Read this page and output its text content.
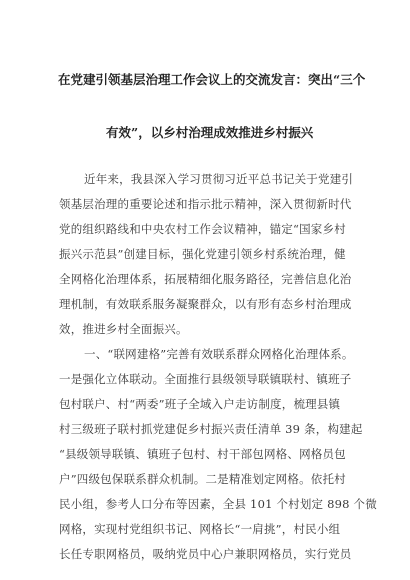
在党建引领基层治理工作会议上的交流发言：突出“三个

有效”，以乡村治理成效推进乡村振兴

近年来，我县深入学习贯彻习近平总书记关于党建引

领基层治理的重要论述和指示批示精神，深入贯彻新时代

党的组织路线和中央农村工作会议精神，锚定“国家乡村

振兴示范县”创建目标，强化党建引领乡村系统治理，健

全网格化治理体系，拓展精细化服务路径，完善信息化治

理机制，有效联系服务凝聚群众，以有形有态乡村治理成

效，推进乡村全面振兴。

一、“联网建格”完善有效联系群众网格化治理体系。

一是强化立体联动。全面推行县级领导联镇联村、镇班子

包村联户、村“两委”班子全域入户走访制度，梳理县镇

村三级班子联村抓党建促乡村振兴责任清单 39 条，构建起

“县级领导联镇、镇班子包村、村干部包网格、网格员包

户”四级包保联系群众机制。二是精准划定网格。依托村

民小组，参考人口分布等因素，全县 101 个村划定 898 个微

网格，实现村党组织书记、网格长“一肩挑”，村民小组

长任专职网格员，吸纳党员中心户兼职网格员，实行党员
